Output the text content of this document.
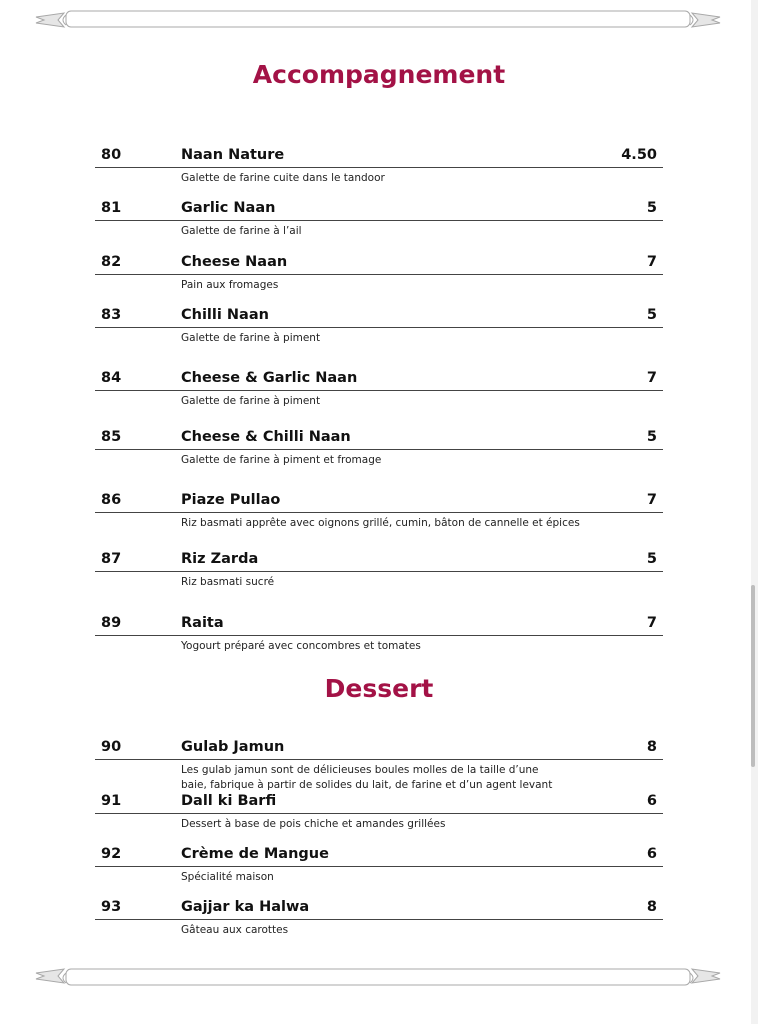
Accompagnement
80	Naan Nature	4.50

Galette de farine cuite dans le tandoor

81	Garlic Naan	5

Galette de farine à l’ail

82	Cheese Naan	7

Pain aux fromages

83	Chilli Naan	5

Galette de farine à piment

84	Cheese & Garlic Naan	7

Galette de farine à piment

85	Cheese & Chilli Naan	5

Galette de farine à piment et fromage

86	Piaze Pullao	7

Riz basmati apprête avec oignons grillé, cumin, bâton de cannelle et épices

87	Riz Zarda	5

Riz basmati sucré

89	Raita	7

Yogourt préparé avec concombres et tomates

Dessert
90	Gulab Jamun	8

Les gulab jamun sont de délicieuses boules molles de la taille d’une baie, fabrique à partir de solides du lait, de farine et d’un agent levant

91	Dall ki Barfi	6

Dessert à base de pois chiche et amandes grillées

92	Crème de Mangue	6

Spécialité maison

93	Gajjar ka Halwa	8

Gâteau aux carottes
